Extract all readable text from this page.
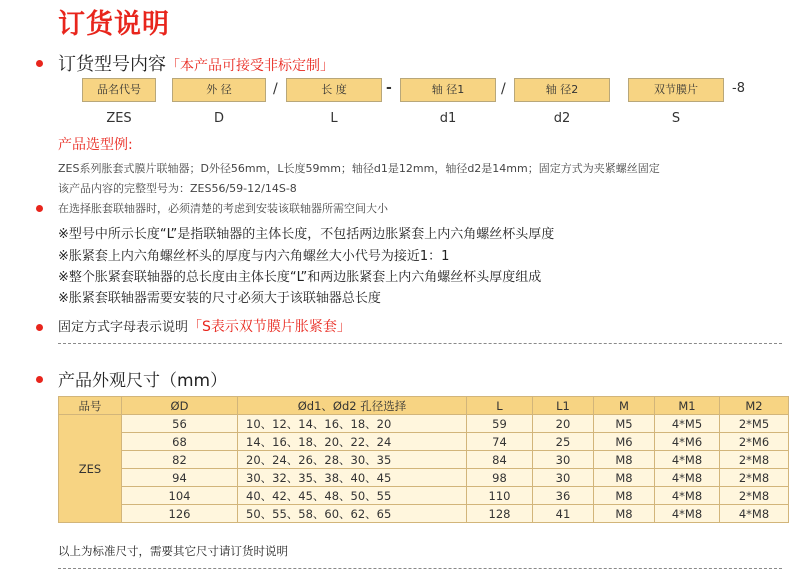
订货说明
订货型号内容「本产品可接受非标定制」
品名代号	外 径	/	长 度	-	轴 径1	/	轴 径2	双节膜片	-8
ZES	D	L	d1	d2	S
产品选型例:
ZES系列胀套式膜片联轴器；D外径56mm，L长度59mm；轴径d1是12mm，轴径d2是14mm；固定方式为夹紧螺丝固定
该产品内容的完整型号为：ZES56/59-12/14S-8
在选择胀套联轴器时，必须清楚的考虑到安装该联轴器所需空间大小
※型号中所示长度“L”是指联轴器的主体长度，不包括两边胀紧套上内六角螺丝杯头厚度
※胀紧套上内六角螺丝杯头的厚度与内六角螺丝大小代号为接近1：1
※整个胀紧套联轴器的总长度由主体长度“L”和两边胀紧套上内六角螺丝杯头厚度组成
※胀紧套联轴器需要安装的尺寸必须大于该联轴器总长度
固定方式字母表示说明「S表示双节膜片胀紧套」
产品外观尺寸（mm）
品号	ØD	Ød1、Ød2 孔径选择	L	L1	M	M1	M2
ZES	56	10、12、14、16、18、20	59	20	M5	4*M5	2*M5
	68	14、16、18、20、22、24	74	25	M6	4*M6	2*M6
	82	20、24、26、28、30、35	84	30	M8	4*M8	2*M8
	94	30、32、35、38、40、45	98	30	M8	4*M8	2*M8
	104	40、42、45、48、50、55	110	36	M8	4*M8	2*M8
	126	50、55、58、60、62、65	128	41	M8	4*M8	4*M8
以上为标准尺寸，需要其它尺寸请订货时说明
